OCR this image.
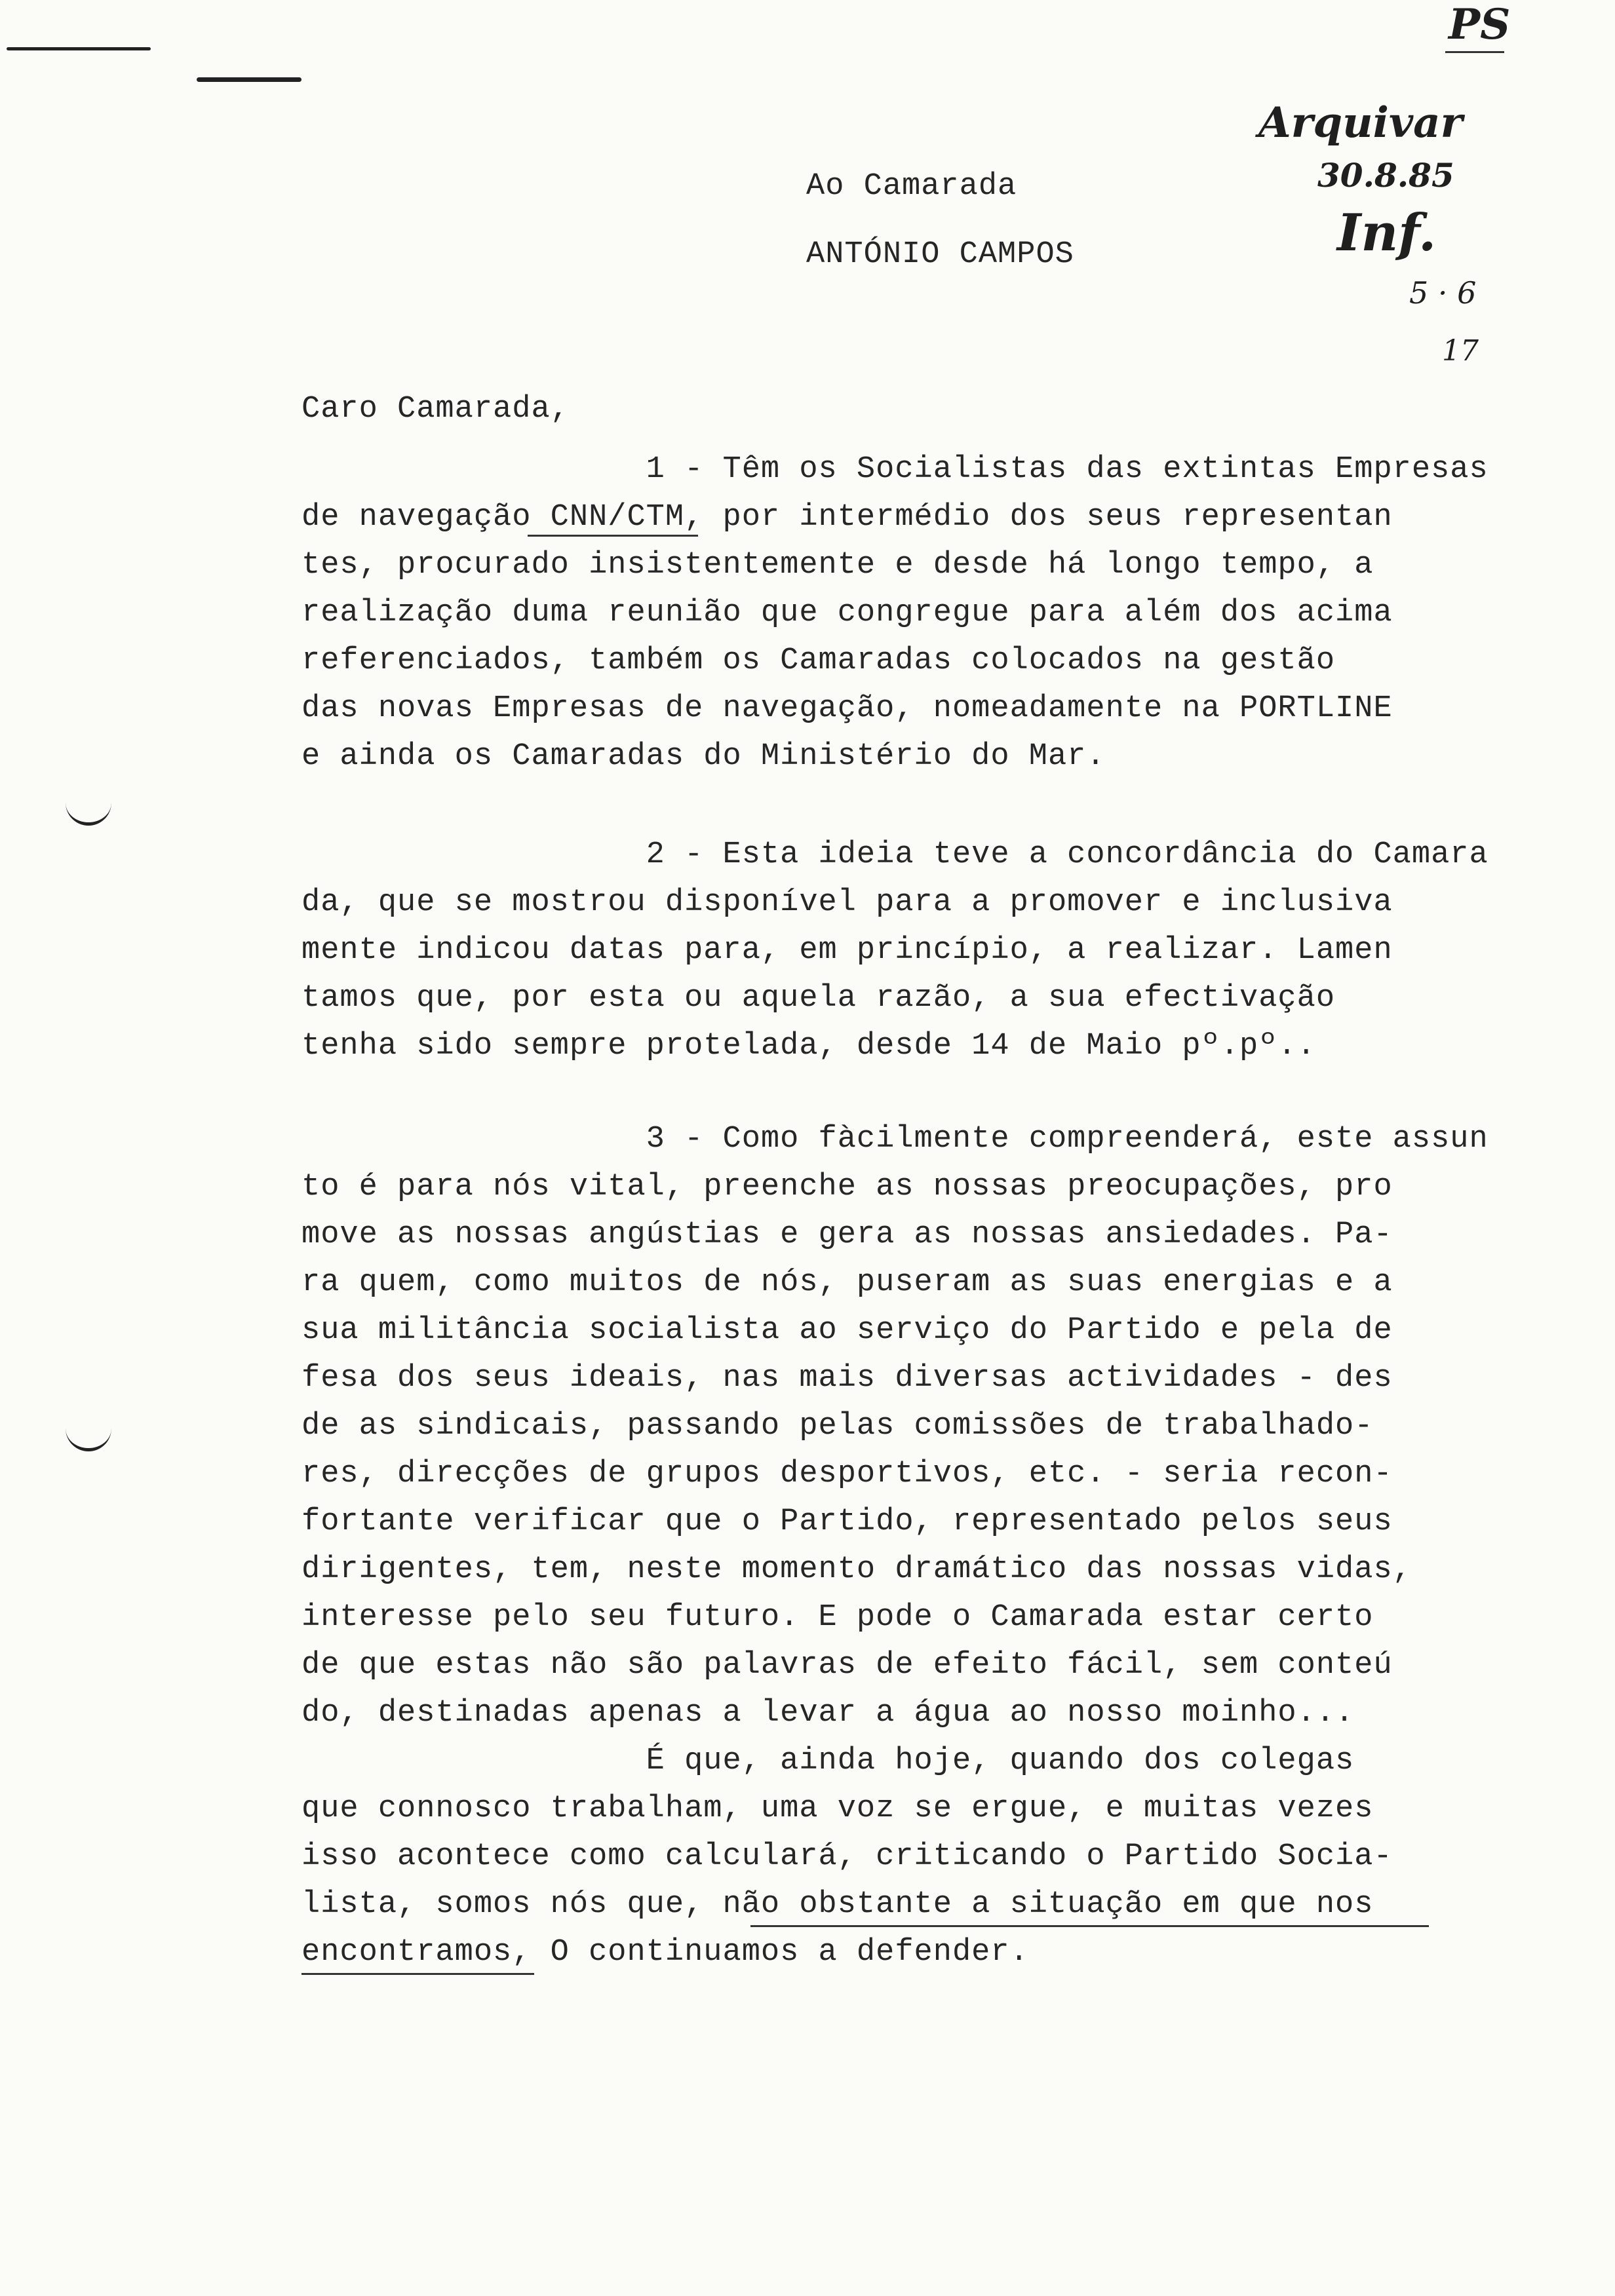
PS
Arquivar
30.8.85
Inf.
5 · 6
17
Ao Camarada
ANTÓNIO CAMPOS
Caro Camarada,
1 - Têm os Socialistas das extintas Empresas
de navegação CNN/CTM, por intermédio dos seus representan
tes, procurado insistentemente e desde há longo tempo, a
realização duma reunião que congregue para além dos acima
referenciados, também os Camaradas colocados na gestão
das novas Empresas de navegação, nomeadamente na PORTLINE
e ainda os Camaradas do Ministério do Mar.
2 - Esta ideia teve a concordância do Camara
da, que se mostrou disponível para a promover e inclusiva
mente indicou datas para, em princípio, a realizar. Lamen
tamos que, por esta ou aquela razão, a sua efectivação
tenha sido sempre protelada, desde 14 de Maio pº.pº..
3 - Como fàcilmente compreenderá, este assun
to é para nós vital, preenche as nossas preocupações, pro
move as nossas angústias e gera as nossas ansiedades. Pa-
ra quem, como muitos de nós, puseram as suas energias e a
sua militância socialista ao serviço do Partido e pela de
fesa dos seus ideais, nas mais diversas actividades - des
de as sindicais, passando pelas comissões de trabalhado-
res, direcções de grupos desportivos, etc. - seria recon-
fortante verificar que o Partido, representado pelos seus
dirigentes, tem, neste momento dramático das nossas vidas,
interesse pelo seu futuro. E pode o Camarada estar certo
de que estas não são palavras de efeito fácil, sem conteú
do, destinadas apenas a levar a água ao nosso moinho...
É que, ainda hoje, quando dos colegas
que connosco trabalham, uma voz se ergue, e muitas vezes
isso acontece como calculará, criticando o Partido Socia-
lista, somos nós que, não obstante a situação em que nos
encontramos, O continuamos a defender.
